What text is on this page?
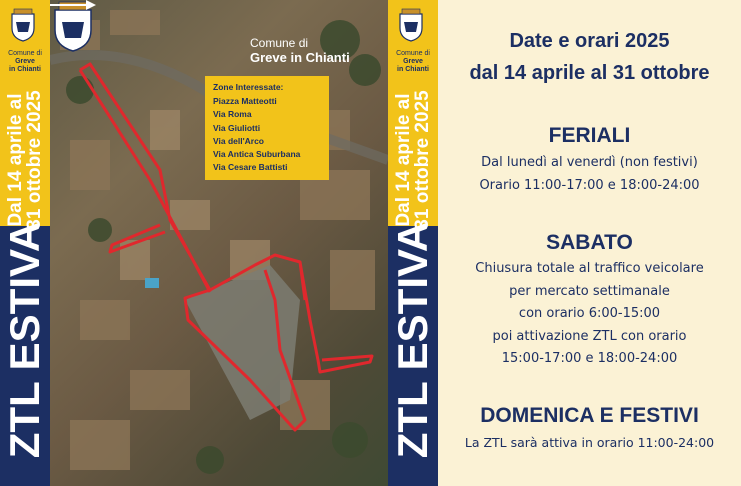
Comune di
Greve
in Chianti
Dal 14 aprile al
31 ottobre 2025
ZTL ESTIVA
Comune di
Greve in Chianti
Zone Interessate:
Piazza Matteotti
Via Roma
Via Giuliotti
Via dell'Arco
Via Antica Suburbana
Via Cesare Battisti
Comune di
Greve
in Chianti
Dal 14 aprile al
31 ottobre 2025
ZTL ESTIVA
Date e orari 2025
dal 14 aprile al 31 ottobre
FERIALI
Dal lunedì al venerdì (non festivi)
Orario 11:00-17:00 e 18:00-24:00
SABATO
Chiusura totale al traffico veicolare
per mercato settimanale
con orario 6:00-15:00
poi attivazione ZTL con orario
15:00-17:00 e 18:00-24:00
DOMENICA E FESTIVI
La ZTL sarà attiva in orario 11:00-24:00
